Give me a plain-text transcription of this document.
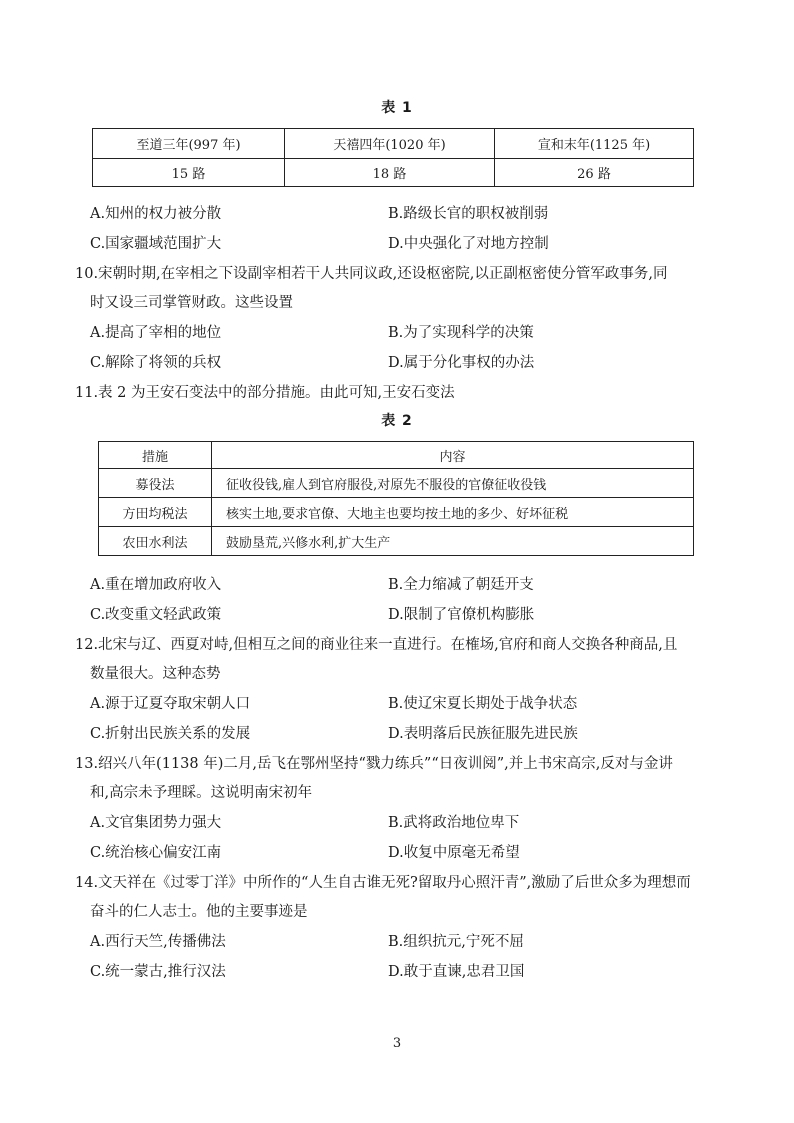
表 1
至道三年(997 年)	天禧四年(1020 年)	宣和末年(1125 年)
15 路	18 路	26 路
A.知州的权力被分散	B.路级长官的职权被削弱
C.国家疆域范围扩大	D.中央强化了对地方控制
10.宋朝时期,在宰相之下设副宰相若干人共同议政,还设枢密院,以正副枢密使分管军政事务,同
时又设三司掌管财政。这些设置
A.提高了宰相的地位	B.为了实现科学的决策
C.解除了将领的兵权	D.属于分化事权的办法
11.表 2 为王安石变法中的部分措施。由此可知,王安石变法
表 2
措施	内容
募役法	征收役钱,雇人到官府服役,对原先不服役的官僚征收役钱
方田均税法	核实土地,要求官僚、大地主也要均按土地的多少、好坏征税
农田水利法	鼓励垦荒,兴修水利,扩大生产
A.重在增加政府收入	B.全力缩减了朝廷开支
C.改变重文轻武政策	D.限制了官僚机构膨胀
12.北宋与辽、西夏对峙,但相互之间的商业往来一直进行。在榷场,官府和商人交换各种商品,且
数量很大。这种态势
A.源于辽夏夺取宋朝人口	B.使辽宋夏长期处于战争状态
C.折射出民族关系的发展	D.表明落后民族征服先进民族
13.绍兴八年(1138 年)二月,岳飞在鄂州坚持“戮力练兵”“日夜训阅”,并上书宋高宗,反对与金讲
和,高宗未予理睬。这说明南宋初年
A.文官集团势力强大	B.武将政治地位卑下
C.统治核心偏安江南	D.收复中原毫无希望
14.文天祥在《过零丁洋》中所作的“人生自古谁无死?留取丹心照汗青”,激励了后世众多为理想而
奋斗的仁人志士。他的主要事迹是
A.西行天竺,传播佛法	B.组织抗元,宁死不屈
C.统一蒙古,推行汉法	D.敢于直谏,忠君卫国
3
